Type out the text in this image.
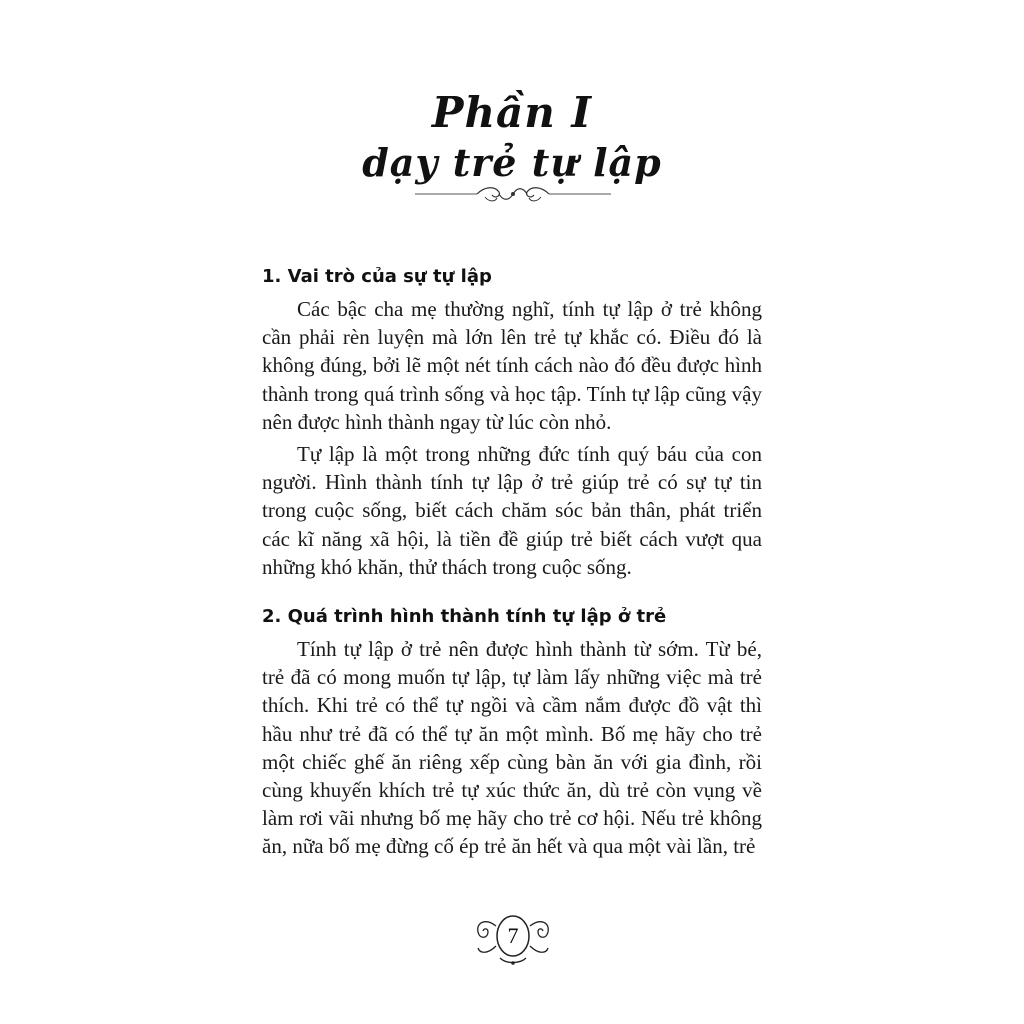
Phần I
dạy trẻ tự lập
1. Vai trò của sự tự lập

Các bậc cha mẹ thường nghĩ, tính tự lập ở trẻ không cần phải rèn luyện mà lớn lên trẻ tự khắc có. Điều đó là không đúng, bởi lẽ một nét tính cách nào đó đều được hình thành trong quá trình sống và học tập. Tính tự lập cũng vậy nên được hình thành ngay từ lúc còn nhỏ.

Tự lập là một trong những đức tính quý báu của con người. Hình thành tính tự lập ở trẻ giúp trẻ có sự tự tin trong cuộc sống, biết cách chăm sóc bản thân, phát triển các kĩ năng xã hội, là tiền đề giúp trẻ biết cách vượt qua những khó khăn, thử thách trong cuộc sống.

2. Quá trình hình thành tính tự lập ở trẻ

Tính tự lập ở trẻ nên được hình thành từ sớm. Từ bé, trẻ đã có mong muốn tự lập, tự làm lấy những việc mà trẻ thích. Khi trẻ có thể tự ngồi và cầm nắm được đồ vật thì hầu như trẻ đã có thể tự ăn một mình. Bố mẹ hãy cho trẻ một chiếc ghế ăn riêng xếp cùng bàn ăn với gia đình, rồi cùng khuyến khích trẻ tự xúc thức ăn, dù trẻ còn vụng về làm rơi vãi nhưng bố mẹ hãy cho trẻ cơ hội. Nếu trẻ không ăn, nữa bố mẹ đừng cố ép trẻ ăn hết và qua một vài lần, trẻ

7
